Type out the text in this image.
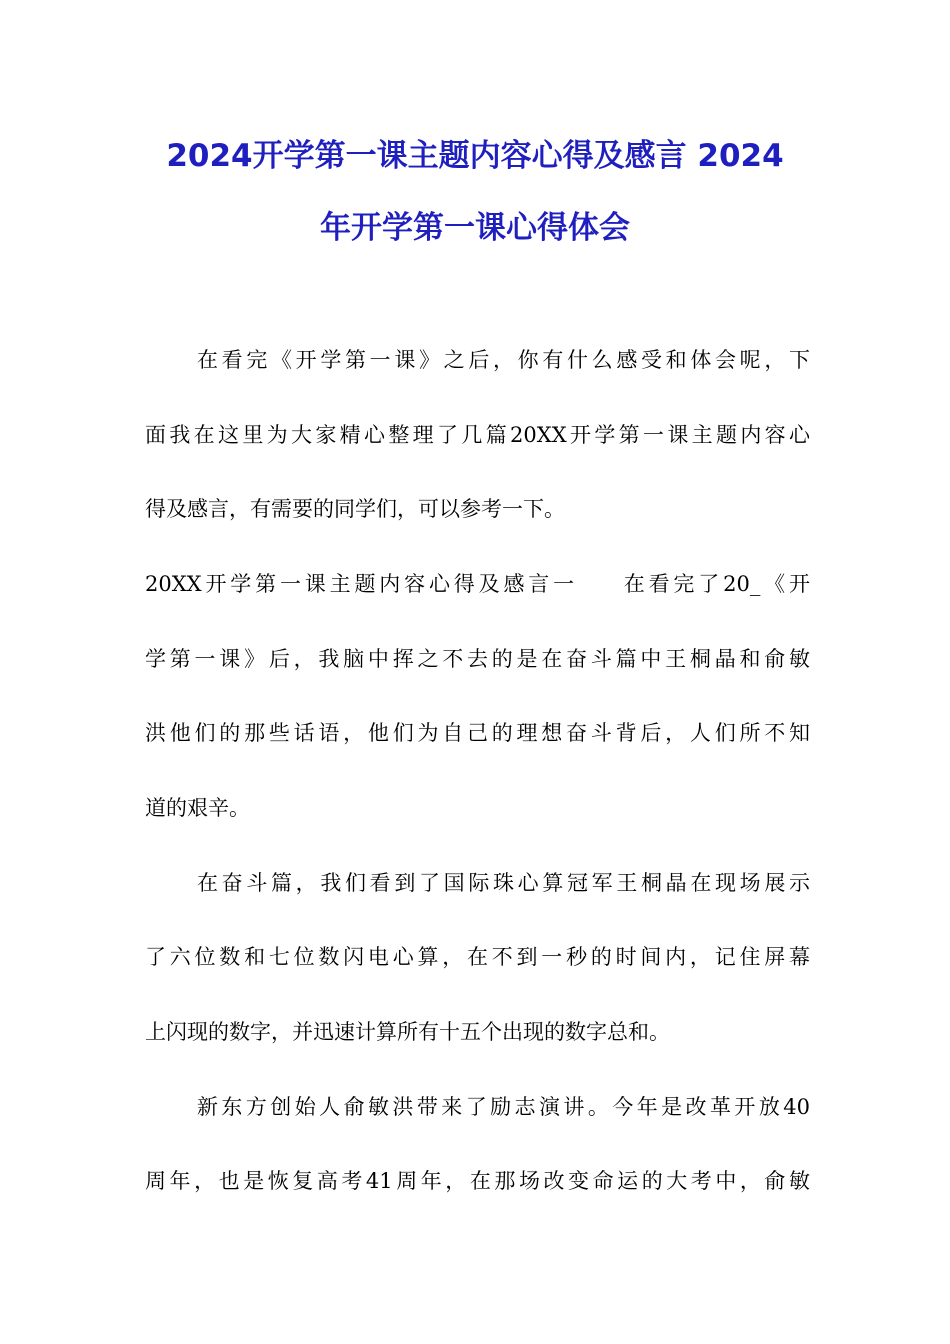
2024开学第一课主题内容心得及感言 2024
年开学第一课心得体会

在看完《开学第一课》之后，你有什么感受和体会呢，下

面我在这里为大家精心整理了几篇20XX开学第一课主题内容心

得及感言，有需要的同学们，可以参考一下。

20XX开学第一课主题内容心得及感言一 在看完了20_《开

学第一课》后，我脑中挥之不去的是在奋斗篇中王桐晶和俞敏

洪他们的那些话语，他们为自己的理想奋斗背后，人们所不知

道的艰辛。

在奋斗篇，我们看到了国际珠心算冠军王桐晶在现场展示

了六位数和七位数闪电心算，在不到一秒的时间内，记住屏幕

上闪现的数字，并迅速计算所有十五个出现的数字总和。

新东方创始人俞敏洪带来了励志演讲。今年是改革开放40

周年，也是恢复高考41周年，在那场改变命运的大考中，俞敏
